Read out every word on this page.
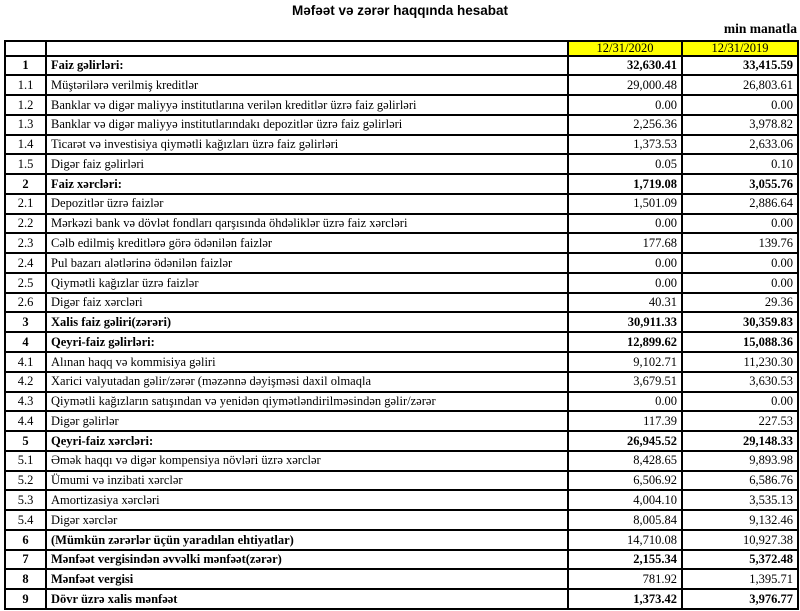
Məfəət və zərər haqqında hesabat
min manatla
		12/31/2020	12/31/2019
1	Faiz gəlirləri:	32,630.41	33,415.59
1.1	Müştərilərə verilmiş kreditlər	29,000.48	26,803.61
1.2	Banklar və digər maliyyə institutlarına verilən kreditlər üzrə faiz gəlirləri	0.00	0.00
1.3	Banklar və digər maliyyə institutlarındakı depozitlər üzrə faiz gəlirləri	2,256.36	3,978.82
1.4	Ticarət və investisiya qiymətli kağızları üzrə faiz gəlirləri	1,373.53	2,633.06
1.5	Digər faiz gəlirləri	0.05	0.10
2	Faiz xərcləri:	1,719.08	3,055.76
2.1	Depozitlər üzrə faizlər	1,501.09	2,886.64
2.2	Mərkəzi bank və dövlət fondları qarşısında öhdəliklər üzrə faiz xərcləri	0.00	0.00
2.3	Cəlb edilmiş kreditlərə görə ödənilən faizlər	177.68	139.76
2.4	Pul bazarı alətlərinə ödənilən faizlər	0.00	0.00
2.5	Qiymətli kağızlar üzrə faizlər	0.00	0.00
2.6	Digər faiz xərcləri	40.31	29.36
3	Xalis faiz gəliri(zərəri)	30,911.33	30,359.83
4	Qeyri-faiz gəlirləri:	12,899.62	15,088.36
4.1	Alınan haqq və kommisiya gəliri	9,102.71	11,230.30
4.2	Xarici valyutadan gəlir/zərər (məzənnə dəyişməsi daxil olmaqla	3,679.51	3,630.53
4.3	Qiymətli kağızların satışından və yenidən qiymətləndirilməsindən gəlir/zərər	0.00	0.00
4.4	Digər gəlirlər	117.39	227.53
5	Qeyri-faiz xərcləri:	26,945.52	29,148.33
5.1	Əmək haqqı və digər kompensiya növləri üzrə xərclər	8,428.65	9,893.98
5.2	Ümumi və inzibati xərclər	6,506.92	6,586.76
5.3	Amortizasiya xərcləri	4,004.10	3,535.13
5.4	Digər xərclər	8,005.84	9,132.46
6	(Mümkün zərərlər üçün yaradılan ehtiyatlar)	14,710.08	10,927.38
7	Mənfəət vergisindən əvvəlki mənfəət(zərər)	2,155.34	5,372.48
8	Mənfəət vergisi	781.92	1,395.71
9	Dövr üzrə xalis mənfəət	1,373.42	3,976.77
